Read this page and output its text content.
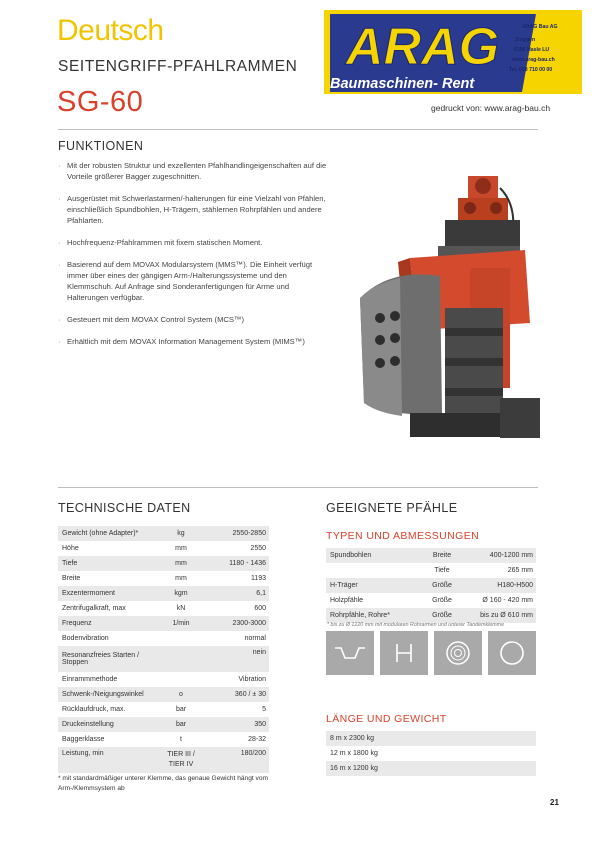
Deutsch
SEITENGRIFF-PFAHLRAMMEN
SG-60
ARAG
Baumaschinen- Rent
ARAG Bau AG
Zinggen
6186 Hasle LU
www.arag-bau.ch
Tel. 058 710 00 00
gedruckt von: www.arag-bau.ch
FUNKTIONEN
· Mit der robusten Struktur und exzellenten Pfahlhandlingeigenschaften auf die Vorteile größerer Bagger zugeschnitten.
· Ausgerüstet mit Schwerlastarmen/-halterungen für eine Vielzahl von Pfählen, einschließlich Spundbohlen, H-Trägern, stählernen Rohrpfählen und andere Pfahlarten.
· Hochfrequenz-Pfahlrammen mit fixem statischen Moment.
· Basierend auf dem MOVAX Modularsystem (MMS™). Die Einheit verfügt immer über eines der gängigen Arm-/Halterungssysteme und den Klemmschuh. Auf Anfrage sind Sonderanfertigungen für Arme und Halterungen verfügbar.
· Gesteuert mit dem MOVAX Control System (MCS™)
· Erhältlich mit dem MOVAX Information Management System (MIMS™)
TECHNISCHE DATEN
Gewicht (ohne Adapter)*	kg	2550-2850
Höhe	mm	2550
Tiefe	mm	1180 - 1436
Breite	mm	1193
Exzentermoment	kgm	6,1
Zentrifugalkraft, max	kN	600
Frequenz	1/min	2300-3000
Bodenvibration		normal
Resonanzfreies Starten / Stoppen		nein
Einrammmethode		Vibration
Schwenk-/Neigungswinkel	o	360 / ± 30
Rücklaufdruck, max.	bar	5
Druckeinstellung	bar	350
Baggerklasse	t	28-32
Leistung, min	TIER III / TIER IV	180/200
* mit standardmäßiger unterer Klemme, das genaue Gewicht hängt vom Arm-/Klemmsystem ab
GEEIGNETE PFÄHLE
TYPEN UND ABMESSUNGEN
Spundbohlen	Breite	400-1200 mm
	Tiefe	265 mm
H-Träger	Größe	H180-H500
Holzpfähle	Größe	Ø 160 - 420 mm
Rohrpfähle, Rohre*	Größe	bis zu Ø 610 mm
* bis zu Ø 1220 mm mit modularen Rohrarmen und unterer Tandemklemme
LÄNGE UND GEWICHT
8 m x 2300 kg
12 m x 1800 kg
16 m x 1200 kg
21
